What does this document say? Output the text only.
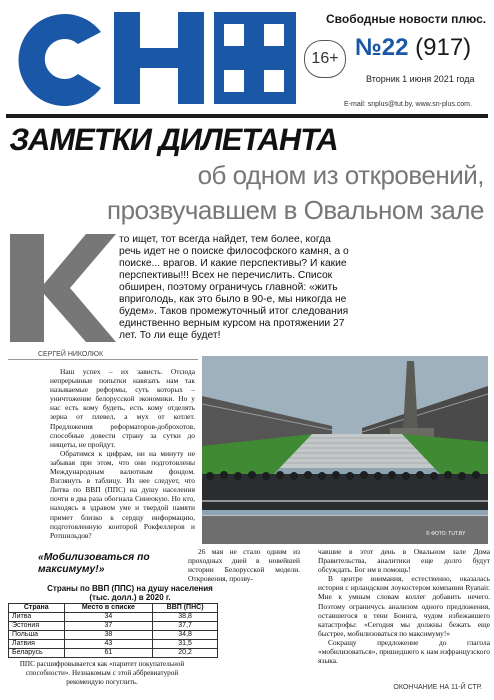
Свободные новости плюс.
16+ №22 (917)
Вторник 1 июня 2021 года
E-mail: snplus@tut.by, www.sn-plus.com.
ЗАМЕТКИ ДИЛЕТАНТА
об одном из откровений,
прозвучавшем в Овальном зале
то ищет, тот всегда найдет, тем более, когда речь идет не о поиске философского камня, а о поиске... врагов. И какие перспективы? И какие перспективы!!! Всех не перечислить. Список обширен, поэтому ограничусь главной: «жить вприголодь, как это было в 90-е, мы никогда не будем». Таков промежуточный итог следования единственно верным курсом на протяжении 27 лет. То ли еще будет!
СЕРГЕЙ НИКОЛЮК

Наш успех – их зависть. Отсюда непрерывные попытки навязать нам так называемые реформы, суть которых – уничтожение белорусской экономики. Но у нас есть кому будеть, есть кому отделять зерна от плевел, а мух от котлет. Предложения реформаторов-доброхотов, способные довести страну за сутки до нищеты, не пройдут.

Обратимся к цифрам, ни на минуту не забывая при этом, что они подготовлены Международным валютным фондом. Взглянуть в таблицу. Из нее следует, что Литва по ВВП (ППС) на душу населения почти в два раза обогнала Синеокую. Но кто, находясь в здравом уме и твердой памяти примет близко к сердцу информацию, подготовленную конторой Рокфеллеров и Ротшильдов?	© ФОТО: TUT.BY
«Мобилизоваться по максимуму!»
26 мая не стало одним из проходных дней в новейшей истории Белорусской модели. Откровения, прозву-

чавшие в этот день в Овальном зале Дома Правительства, аналитики еще долго будут обсуждать. Бог им в помощь!

В центре внимания, естественно, оказалась история с ирландским лоукостером компании Ryanair. Мне к умным словам коллег добавить нечего. Поэтому ограничусь анализом одного предложения, оставшегося в тени Боинга, чудом избежавшего катастрофы: «Сегодня мы должны бежать еще быстрее, мобилизоваться по максимуму!»

Сокращу предложение до глагола «мобилизоваться», пришедшего к нам изфранцузского языка.

Страны по ВВП (ППС) на душу населения (тыс. долл.) в 2020 г.
Страна	Место в списке	ВВП (ПНС)
Литва	34	38,8
Эстония	37	37,7
Польша	38	34,8
Латвия	43	31,5
Беларусь	61	20,2
ППС расшифровывается как «паритет покупательной способности». Незнакомым с этой аббревиатурой рекомендую погуглить.
ОКОНЧАНИЕ НА 11-Й СТР.
